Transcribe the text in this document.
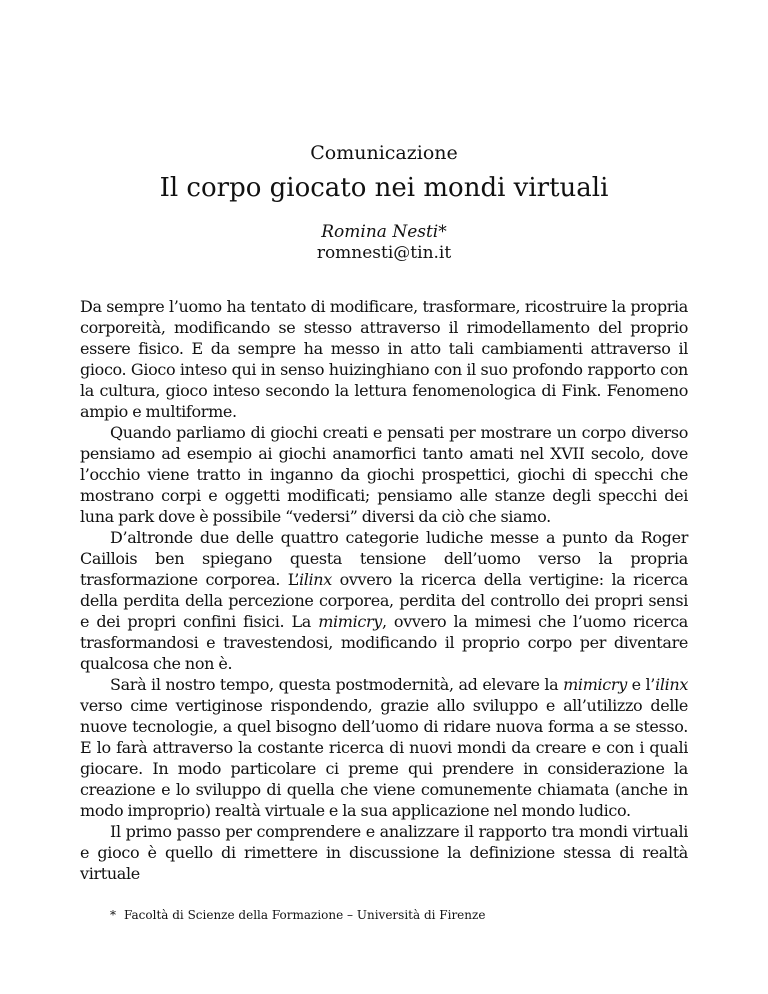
Comunicazione
Il corpo giocato nei mondi virtuali
Romina Nesti*
romnesti@tin.it

Da sempre l’uomo ha tentato di modificare, trasformare, ricostruire la propria corporeità, modificando se stesso attraverso il rimodellamento del proprio essere fisico. E da sempre ha messo in atto tali cambiamenti attraverso il gioco. Gioco inteso qui in senso huizinghiano con il suo profondo rapporto con la cultura, gioco inteso secondo la lettura fenomenologica di Fink. Fenomeno ampio e multiforme.

Quando parliamo di giochi creati e pensati per mostrare un corpo diverso pensiamo ad esempio ai giochi anamorfici tanto amati nel XVII secolo, dove l’occhio viene tratto in inganno da giochi prospettici, giochi di specchi che mostrano corpi e oggetti modificati; pensiamo alle stanze degli specchi dei luna park dove è possibile “vedersi” diversi da ciò che siamo.

D’altronde due delle quattro categorie ludiche messe a punto da Roger Caillois ben spiegano questa tensione dell’uomo verso la propria trasformazione corporea. L’ilinx ovvero la ricerca della vertigine: la ricerca della perdita della percezione corporea, perdita del controllo dei propri sensi e dei propri confini fisici. La mimicry, ovvero la mimesi che l’uomo ricerca trasformandosi e travestendosi, modificando il proprio corpo per diventare qualcosa che non è.

Sarà il nostro tempo, questa postmodernità, ad elevare la mimicry e l’ilinx verso cime vertiginose rispondendo, grazie allo sviluppo e all’utilizzo delle nuove tecnologie, a quel bisogno dell’uomo di ridare nuova forma a se stesso. E lo farà attraverso la costante ricerca di nuovi mondi da creare e con i quali giocare. In modo particolare ci preme qui prendere in considerazione la creazione e lo sviluppo di quella che viene comunemente chiamata (anche in modo improprio) realtà virtuale e la sua applicazione nel mondo ludico.

Il primo passo per comprendere e analizzare il rapporto tra mondi virtuali e gioco è quello di rimettere in discussione la definizione stessa di realtà virtuale

* Facoltà di Scienze della Formazione – Università di Firenze
